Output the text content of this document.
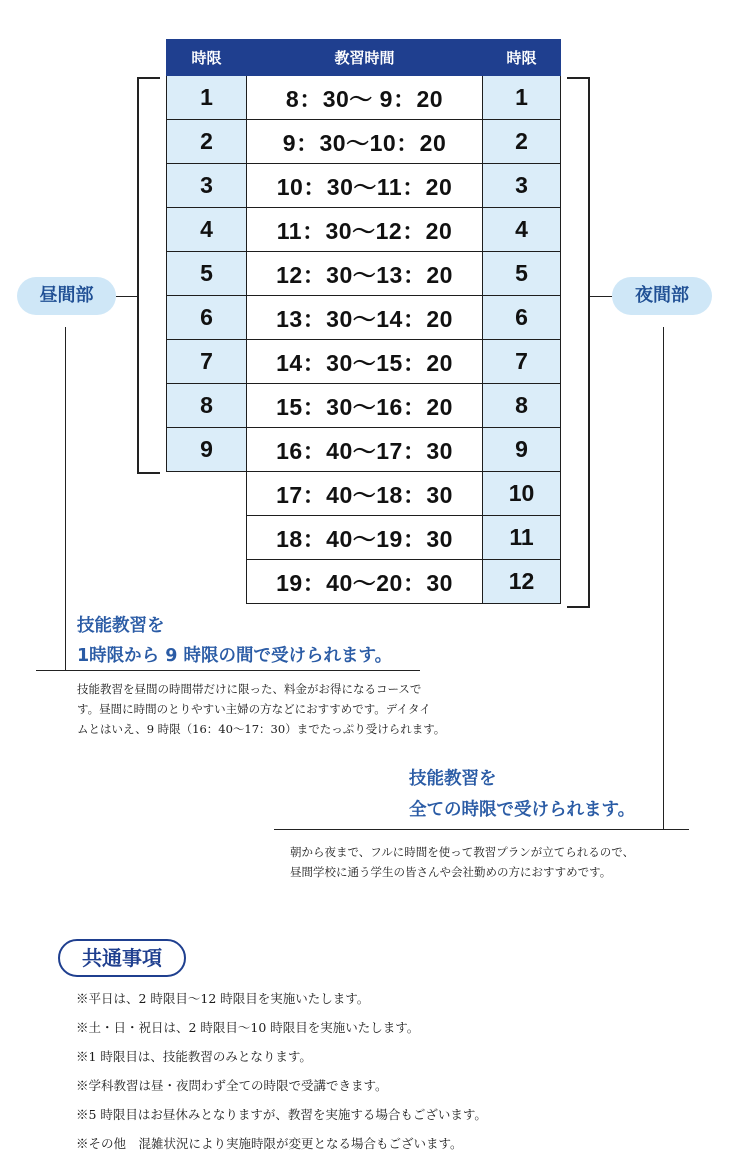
時限	教習時間	時限
1	8：30～ 9：20	1
2	9：30～10：20	2
3	10：30～11：20	3
4	11：30～12：20	4
5	12：30～13：20	5
6	13：30～14：20	6
7	14：30～15：20	7
8	15：30～16：20	8
9	16：40～17：30	9
	17：40～18：30	10
	18：40～19：30	11
	19：40～20：30	12
昼間部	夜間部
技能教習を
1時限から 9 時限の間で受けられます。
技能教習を昼間の時間帯だけに限った、料金がお得になるコースで
す。昼間に時間のとりやすい主婦の方などにおすすめです。デイタイ
ムとはいえ、9 時限（16：40～17：30）までたっぷり受けられます。
技能教習を
全ての時限で受けられます。
朝から夜まで、フルに時間を使って教習プランが立てられるので、
昼間学校に通う学生の皆さんや会社勤めの方におすすめです。
共通事項
※平日は、2 時限目～12 時限目を実施いたします。
※土・日・祝日は、2 時限目～10 時限目を実施いたします。
※1 時限目は、技能教習のみとなります。
※学科教習は昼・夜問わず全ての時限で受講できます。
※5 時限目はお昼休みとなりますが、教習を実施する場合もございます。
※その他　混雑状況により実施時限が変更となる場合もございます。
